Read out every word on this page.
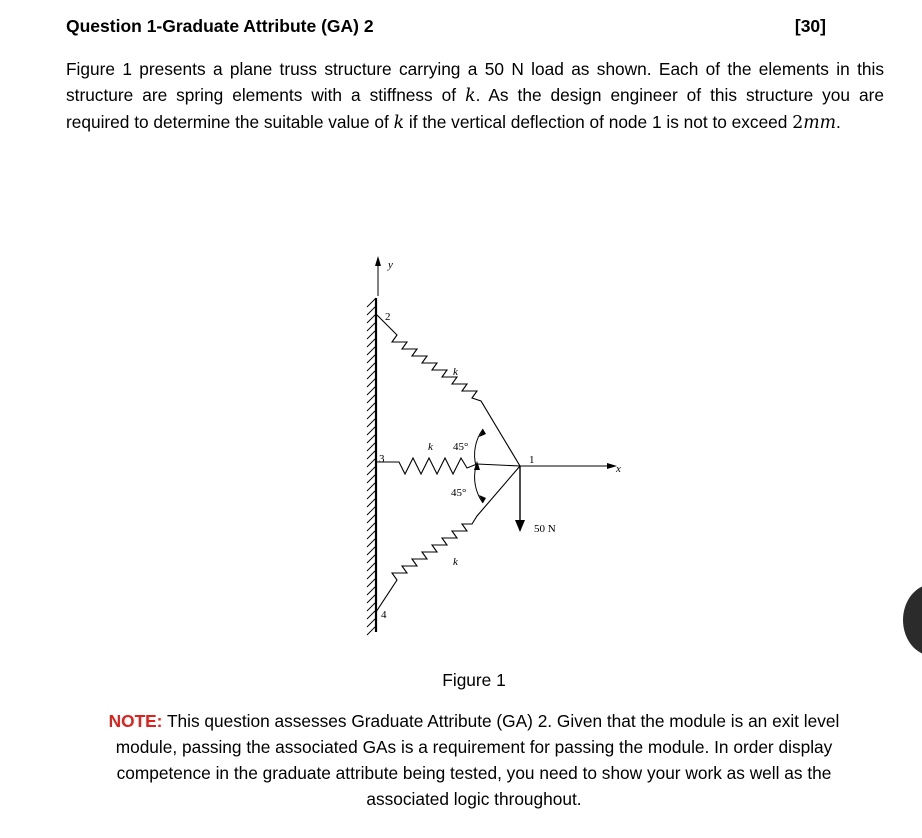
Question 1-Graduate Attribute (GA) 2	[30]
Figure 1 presents a plane truss structure carrying a 50 N load as shown. Each of the elements in this
structure are spring elements with a stiffness of k. As the design engineer of this structure you are
required to determine the suitable value of k if the vertical deflection of node 1 is not to exceed 2mm.
y
x
2
3
4
1
k
k
k
45°
45°
50 N
Figure 1
NOTE: This question assesses Graduate Attribute (GA) 2. Given that the module is an exit level module, passing the associated GAs is a requirement for passing the module. In order display competence in the graduate attribute being tested, you need to show your work as well as the associated logic throughout.
